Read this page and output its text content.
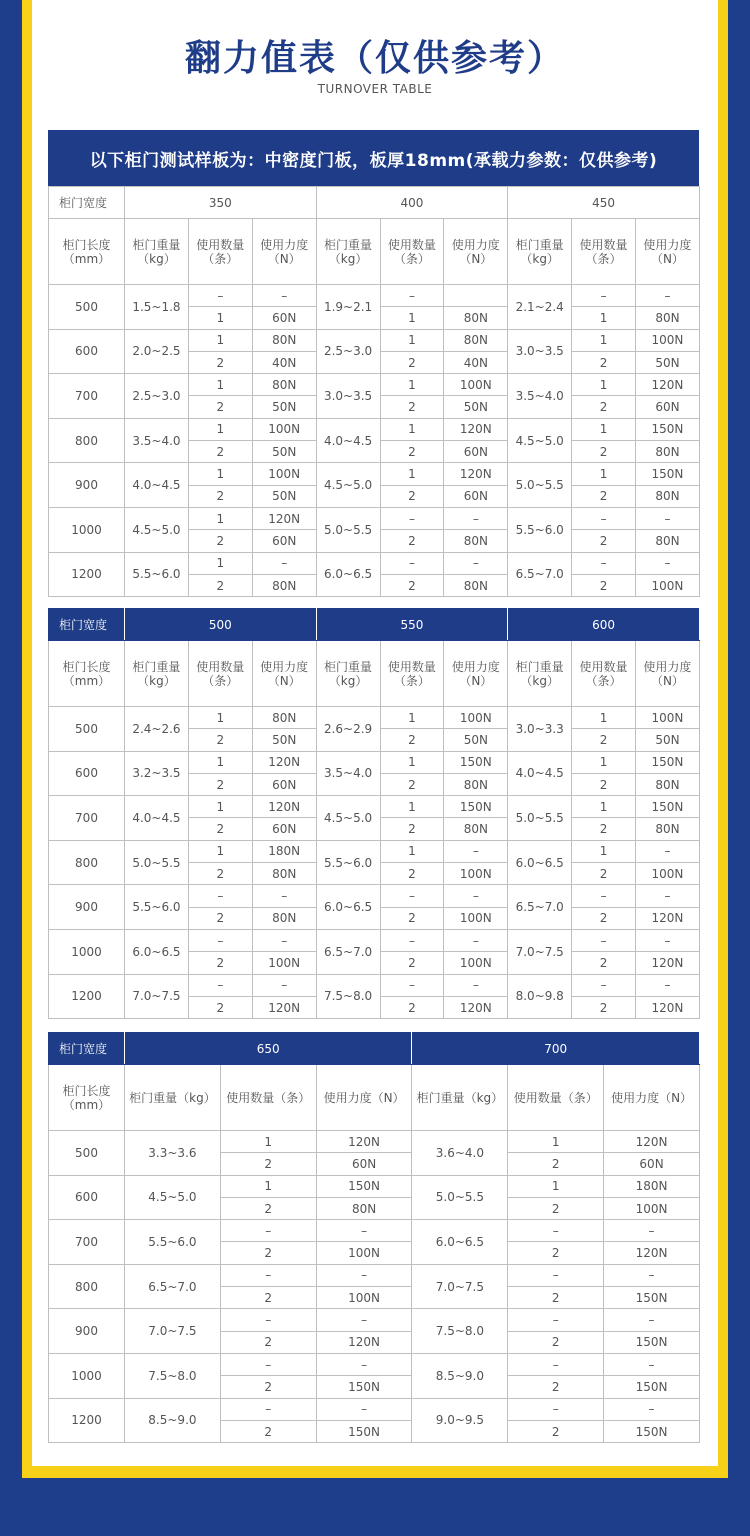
翻力值表（仅供参考）
TURNOVER TABLE
以下柜门测试样板为：中密度门板，板厚18mm(承载力参数：仅供参考)
柜门宽度	350			400			450		
柜门长度（mm）	柜门重量（kg）	使用数量（条）	使用力度（N）	柜门重量（kg）	使用数量（条）	使用力度（N）	柜门重量（kg）	使用数量（条）	使用力度（N）
500	1.5~1.8	–	–	1.9~2.1	–		2.1~2.4	–	–
		1	60N		1	80N		1	80N
600	2.0~2.5	1	80N	2.5~3.0	1	80N	3.0~3.5	1	100N
		2	40N		2	40N		2	50N
700	2.5~3.0	1	80N	3.0~3.5	1	100N	3.5~4.0	1	120N
		2	50N		2	50N		2	60N
800	3.5~4.0	1	100N	4.0~4.5	1	120N	4.5~5.0	1	150N
		2	50N		2	60N		2	80N
900	4.0~4.5	1	100N	4.5~5.0	1	120N	5.0~5.5	1	150N
		2	50N		2	60N		2	80N
1000	4.5~5.0	1	120N	5.0~5.5	–	–	5.5~6.0	–	–
		2	60N		2	80N		2	80N
1200	5.5~6.0	1	–	6.0~6.5	–	–	6.5~7.0	–	–
		2	80N		2	80N		2	100N
柜门宽度	500			550			600		
柜门长度（mm）	柜门重量（kg）	使用数量（条）	使用力度（N）	柜门重量（kg）	使用数量（条）	使用力度（N）	柜门重量（kg）	使用数量（条）	使用力度（N）
500	2.4~2.6	1	80N	2.6~2.9	1	100N	3.0~3.3	1	100N
		2	50N		2	50N		2	50N
600	3.2~3.5	1	120N	3.5~4.0	1	150N	4.0~4.5	1	150N
		2	60N		2	80N		2	80N
700	4.0~4.5	1	120N	4.5~5.0	1	150N	5.0~5.5	1	150N
		2	60N		2	80N		2	80N
800	5.0~5.5	1	180N	5.5~6.0	1	–	6.0~6.5	1	–
		2	80N		2	100N		2	100N
900	5.5~6.0	–	–	6.0~6.5	–	–	6.5~7.0	–	–
		2	80N		2	100N		2	120N
1000	6.0~6.5	–	–	6.5~7.0	–	–	7.0~7.5	–	–
		2	100N		2	100N		2	120N
1200	7.0~7.5	–	–	7.5~8.0	–	–	8.0~9.8	–	–
		2	120N		2	120N		2	120N
柜门宽度	650			700		
柜门长度（mm）	柜门重量（kg）	使用数量（条）	使用力度（N）	柜门重量（kg）	使用数量（条）	使用力度（N）
500	3.3~3.6	1	120N	3.6~4.0	1	120N
		2	60N		2	60N
600	4.5~5.0	1	150N	5.0~5.5	1	180N
		2	80N		2	100N
700	5.5~6.0	–	–	6.0~6.5	–	–
		2	100N		2	120N
800	6.5~7.0	–	–	7.0~7.5	–	–
		2	100N		2	150N
900	7.0~7.5	–	–	7.5~8.0	–	–
		2	120N		2	150N
1000	7.5~8.0	–	–	8.5~9.0	–	–
		2	150N		2	150N
1200	8.5~9.0	–	–	9.0~9.5	–	–
		2	150N		2	150N
